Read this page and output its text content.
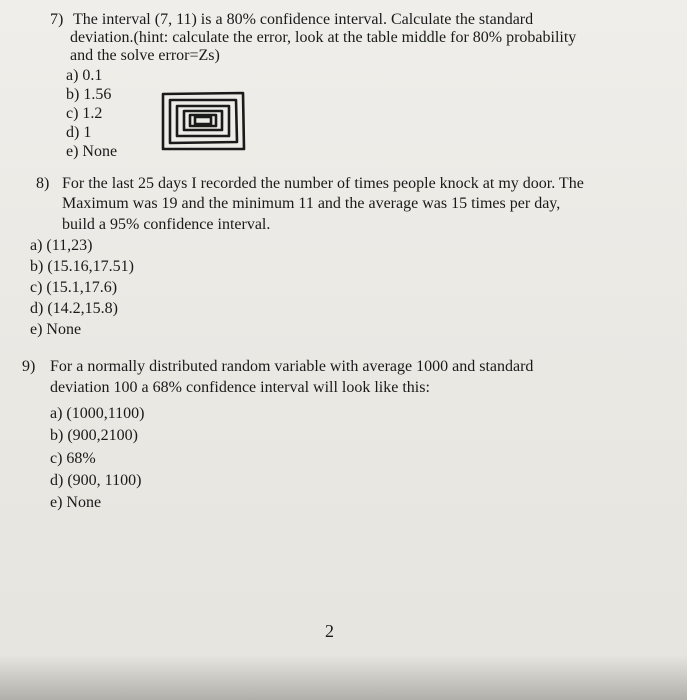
7) The interval (7, 11) is a 80% confidence interval. Calculate the standard
deviation.(hint: calculate the error, look at the table middle for 80% probability
and the solve error=Zs)
a) 0.1
b) 1.56
c) 1.2
d) 1
e) None
8) For the last 25 days I recorded the number of times people knock at my door. The
Maximum was 19 and the minimum 11 and the average was 15 times per day,
build a 95% confidence interval.
a) (11,23)
b) (15.16,17.51)
c) (15.1,17.6)
d) (14.2,15.8)
e) None
9) For a normally distributed random variable with average 1000 and standard
deviation 100 a 68% confidence interval will look like this:
a) (1000,1100)
b) (900,2100)
c) 68%
d) (900, 1100)
e) None
2
